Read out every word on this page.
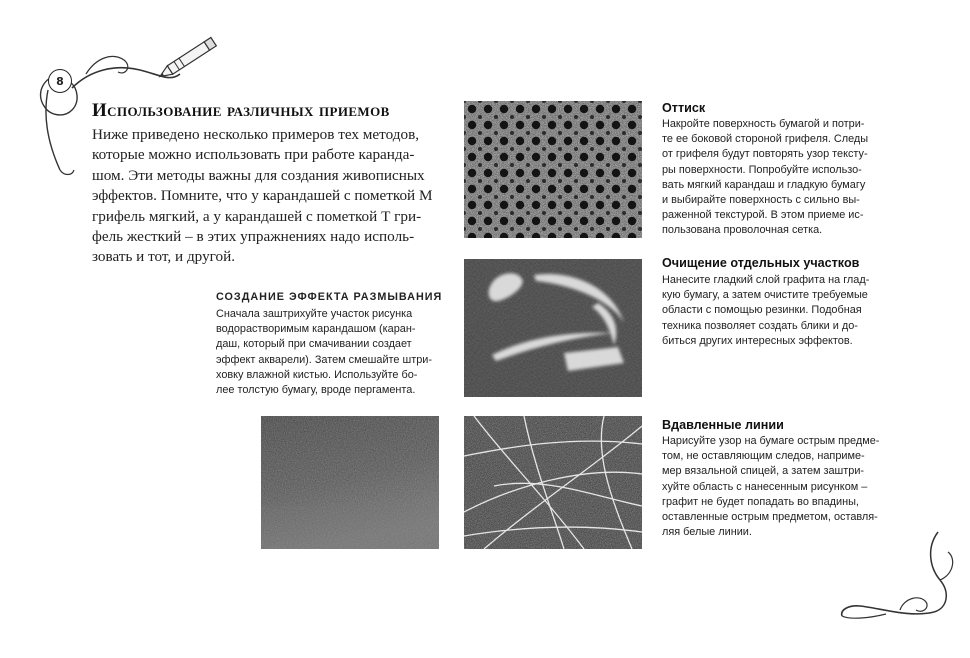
8
Использование различных приемов
Ниже приведено несколько примеров тех методов,
которые можно использовать при работе каранда-
шом. Эти методы важны для создания живописных
эффектов. Помните, что у карандашей с пометкой М
грифель мягкий, а у карандашей с пометкой Т гри-
фель жесткий – в этих упражнениях надо исполь-
зовать и тот, и другой.
СОЗДАНИЕ ЭФФЕКТА РАЗМЫВАНИЯ
Сначала заштрихуйте участок рисунка
водорастворимым карандашом (каран-
даш, который при смачивании создает
эффект акварели). Затем смешайте штри-
ховку влажной кистью. Используйте бо-
лее толстую бумагу, вроде пергамента.
Оттиск
Накройте поверхность бумагой и потри-
те ее боковой стороной грифеля. Следы
от грифеля будут повторять узор тексту-
ры поверхности. Попробуйте использо-
вать мягкий карандаш и гладкую бумагу
и выбирайте поверхность с сильно вы-
раженной текстурой. В этом приеме ис-
пользована проволочная сетка.
Очищение отдельных участков
Нанесите гладкий слой графита на глад-
кую бумагу, а затем очистите требуемые
области с помощью резинки. Подобная
техника позволяет создать блики и до-
биться других интересных эффектов.
Вдавленные линии
Нарисуйте узор на бумаге острым предме-
том, не оставляющим следов, наприме-
мер вязальной спицей, а затем заштри-
хуйте область с нанесенным рисунком –
графит не будет попадать во впадины,
оставленные острым предметом, оставля-
ляя белые линии.
